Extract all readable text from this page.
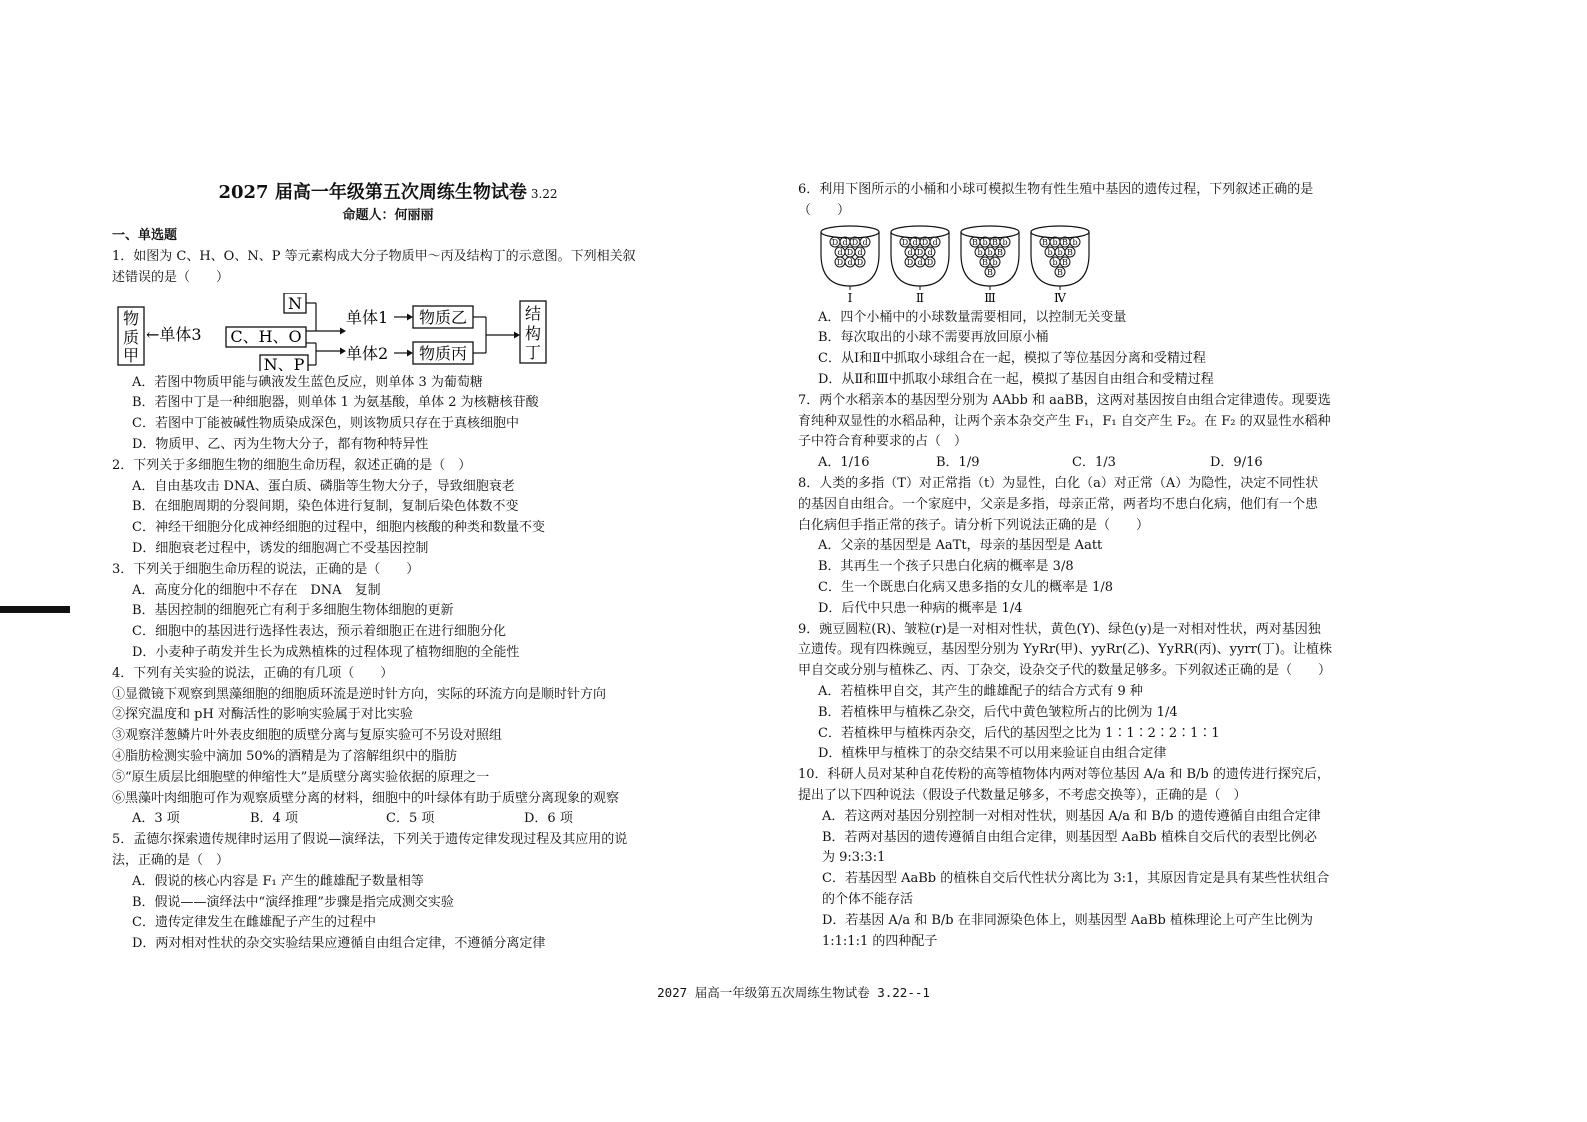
2027 届高一年级第五次周练生物试卷 3.22
命题人：何丽丽
一、单选题

1．如图为 C、H、O、N、P 等元素构成大分子物质甲～丙及结构丁的示意图。下列相关叙

述错误的是（　　）

物
质
甲
←单体3 C、H、O
N
N、P
单体1
单体2
物质乙
物质丙
结
构
丁

A．若图中物质甲能与碘液发生蓝色反应，则单体 3 为葡萄糖

B．若图中丁是一种细胞器，则单体 1 为氨基酸，单体 2 为核糖核苷酸

C．若图中丁能被碱性物质染成深色，则该物质只存在于真核细胞中

D．物质甲、乙、丙为生物大分子，都有物种特异性

2．下列关于多细胞生物的细胞生命历程，叙述正确的是（　）

A．自由基攻击 DNA、蛋白质、磷脂等生物大分子，导致细胞衰老

B．在细胞周期的分裂间期，染色体进行复制，复制后染色体数不变

C．神经干细胞分化成神经细胞的过程中，细胞内核酸的种类和数量不变

D．细胞衰老过程中，诱发的细胞凋亡不受基因控制

3．下列关于细胞生命历程的说法，正确的是（　　）

A．高度分化的细胞中不存在　DNA　复制

B．基因控制的细胞死亡有利于多细胞生物体细胞的更新

C．细胞中的基因进行选择性表达，预示着细胞正在进行细胞分化

D．小麦种子萌发并生长为成熟植株的过程体现了植物细胞的全能性

4．下列有关实验的说法，正确的有几项（　　）

①显微镜下观察到黑藻细胞的细胞质环流是逆时针方向，实际的环流方向是顺时针方向

②探究温度和 pH 对酶活性的影响实验属于对比实验

③观察洋葱鳞片叶外表皮细胞的质壁分离与复原实验可不另设对照组

④脂肪检测实验中滴加 50%的酒精是为了溶解组织中的脂肪

⑤“原生质层比细胞壁的伸缩性大”是质壁分离实验依据的原理之一

⑥黑藻叶肉细胞可作为观察质壁分离的材料，细胞中的叶绿体有助于质壁分离现象的观察

A．3 项	B．4 项	C．5 项	D．6 项

5．孟德尔探索遗传规律时运用了假说—演绎法，下列关于遗传定律发现过程及其应用的说

法，正确的是（　）

A．假说的核心内容是 F₁ 产生的雌雄配子数量相等

B．假说——演绎法中“演绎推理”步骤是指完成测交实验

C．遗传定律发生在雌雄配子产生的过程中

D．两对相对性状的杂交实验结果应遵循自由组合定律，不遵循分离定律

6．利用下图所示的小桶和小球可模拟生物有性生殖中基因的遗传过程，下列叙述正确的是

（　　）

D d D d
d D d
D d D
Ⅰ
D d D d
d D d
D d D
Ⅱ
B b B b
b b B
B b
B
Ⅲ
B b B b
b b B
b B
B
Ⅳ

A．四个小桶中的小球数量需要相同，以控制无关变量

B．每次取出的小球不需要再放回原小桶

C．从Ⅰ和Ⅱ中抓取小球组合在一起，模拟了等位基因分离和受精过程

D．从Ⅱ和Ⅲ中抓取小球组合在一起，模拟了基因自由组合和受精过程

7．两个水稻亲本的基因型分别为 AAbb 和 aaBB，这两对基因按自由组合定律遗传。现要选

育纯种双显性的水稻品种，让两个亲本杂交产生 F₁，F₁ 自交产生 F₂。在 F₂ 的双显性水稻种

子中符合育种要求的占（　）

A．1/16	B．1/9	C．1/3	D．9/16

8．人类的多指（T）对正常指（t）为显性，白化（a）对正常（A）为隐性，决定不同性状

的基因自由组合。一个家庭中，父亲是多指，母亲正常，两者均不患白化病，他们有一个患

白化病但手指正常的孩子。请分析下列说法正确的是（　　）

A．父亲的基因型是 AaTt，母亲的基因型是 Aatt

B．其再生一个孩子只患白化病的概率是 3/8

C．生一个既患白化病又患多指的女儿的概率是 1/8

D．后代中只患一种病的概率是 1/4

9．豌豆圆粒(R)、皱粒(r)是一对相对性状，黄色(Y)、绿色(y)是一对相对性状，两对基因独

立遗传。现有四株豌豆，基因型分别为 YyRr(甲)、yyRr(乙)、YyRR(丙)、yyrr(丁)。让植株

甲自交或分别与植株乙、丙、丁杂交，设杂交子代的数量足够多。下列叙述正确的是（　　）

A．若植株甲自交，其产生的雌雄配子的结合方式有 9 种

B．若植株甲与植株乙杂交，后代中黄色皱粒所占的比例为 1/4

C．若植株甲与植株丙杂交，后代的基因型之比为 1∶1∶2∶2∶1∶1

D．植株甲与植株丁的杂交结果不可以用来验证自由组合定律

10．科研人员对某种自花传粉的高等植物体内两对等位基因 A/a 和 B/b 的遗传进行探究后，

提出了以下四种说法（假设子代数量足够多，不考虑交换等），正确的是（　）

A．若这两对基因分别控制一对相对性状，则基因 A/a 和 B/b 的遗传遵循自由组合定律

B．若两对基因的遗传遵循自由组合定律，则基因型 AaBb 植株自交后代的表型比例必

为 9:3:3:1

C．若基因型 AaBb 的植株自交后代性状分离比为 3:1，其原因肯定是具有某些性状组合

的个体不能存活

D．若基因 A/a 和 B/b 在非同源染色体上，则基因型 AaBb 植株理论上可产生比例为

1:1:1:1 的四种配子

2027 届高一年级第五次周练生物试卷 3.22--1
